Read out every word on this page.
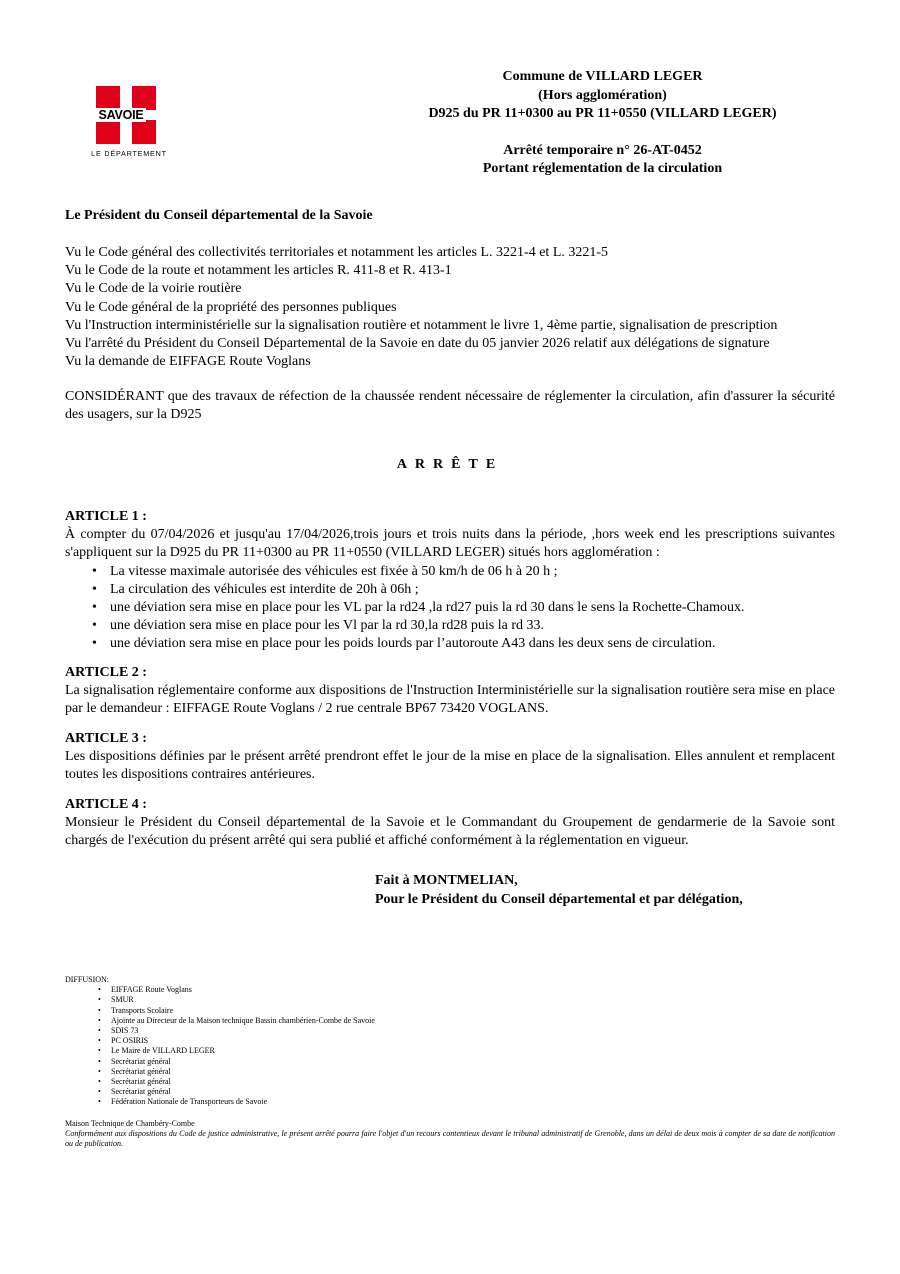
SAVOIE
LE DÉPARTEMENT
Commune de VILLARD LEGER
(Hors agglomération)
D925 du PR 11+0300 au PR 11+0550 (VILLARD LEGER)
Arrêté temporaire n° 26-AT-0452
Portant réglementation de la circulation
Le Président du Conseil départemental de la Savoie
Vu le Code général des collectivités territoriales et notamment les articles L. 3221-4 et L. 3221-5
Vu le Code de la route et notamment les articles R. 411-8 et R. 413-1
Vu le Code de la voirie routière
Vu le Code général de la propriété des personnes publiques
Vu l'Instruction interministérielle sur la signalisation routière et notamment le livre 1, 4ème partie, signalisation de prescription
Vu l'arrêté du Président du Conseil Départemental de la Savoie en date du 05 janvier 2026 relatif aux délégations de signature
Vu la demande de EIFFAGE Route Voglans

CONSIDÉRANT que des travaux de réfection de la chaussée rendent nécessaire de réglementer la circulation, afin d'assurer la sécurité des usagers, sur la D925

ARRÊTE
ARTICLE 1 :

À compter du 07/04/2026 et jusqu'au 17/04/2026,trois jours et trois nuits dans la période, ,hors week end les prescriptions suivantes s'appliquent sur la D925 du PR 11+0300 au PR 11+0550 (VILLARD LEGER) situés hors agglomération :

• La vitesse maximale autorisée des véhicules est fixée à 50 km/h de 06 h à 20 h ;
• La circulation des véhicules est interdite de 20h à 06h ;
• une déviation sera mise en place pour les VL par la rd24 ,la rd27 puis la rd 30 dans le sens la Rochette-Chamoux.
• une déviation sera mise en place pour les Vl par la rd 30,la rd28 puis la rd 33.
• une déviation sera mise en place pour les poids lourds par l’autoroute A43 dans les deux sens de circulation.
ARTICLE 2 :

La signalisation réglementaire conforme aux dispositions de l'Instruction Interministérielle sur la signalisation routière sera mise en place par le demandeur : EIFFAGE Route Voglans / 2 rue centrale BP67 73420 VOGLANS.

ARTICLE 3 :

Les dispositions définies par le présent arrêté prendront effet le jour de la mise en place de la signalisation. Elles annulent et remplacent toutes les dispositions contraires antérieures.

ARTICLE 4 :

Monsieur le Président du Conseil départemental de la Savoie et le Commandant du Groupement de gendarmerie de la Savoie sont chargés de l'exécution du présent arrêté qui sera publié et affiché conformément à la réglementation en vigueur.

Fait à MONTMELIAN,
Pour le Président du Conseil départemental et par délégation,
DIFFUSION:
• EIFFAGE Route Voglans
• SMUR
• Transports Scolaire
• Ajointe au Directeur de la Maison technique Bassin chambérien-Combe de Savoie
• SDIS 73
• PC OSIRIS
• Le Maire de VILLARD LEGER
• Secrétariat général
• Secrétariat général
• Secrétariat général
• Secrétariat général
• Fédération Nationale de Transporteurs de Savoie
Maison Technique de Chambéry-Combe
Conformément aux dispositions du Code de justice administrative, le présent arrêté pourra faire l'objet d'un recours contentieux devant le tribunal administratif de Grenoble, dans un délai de deux mois à compter de sa date de notification ou de publication.
